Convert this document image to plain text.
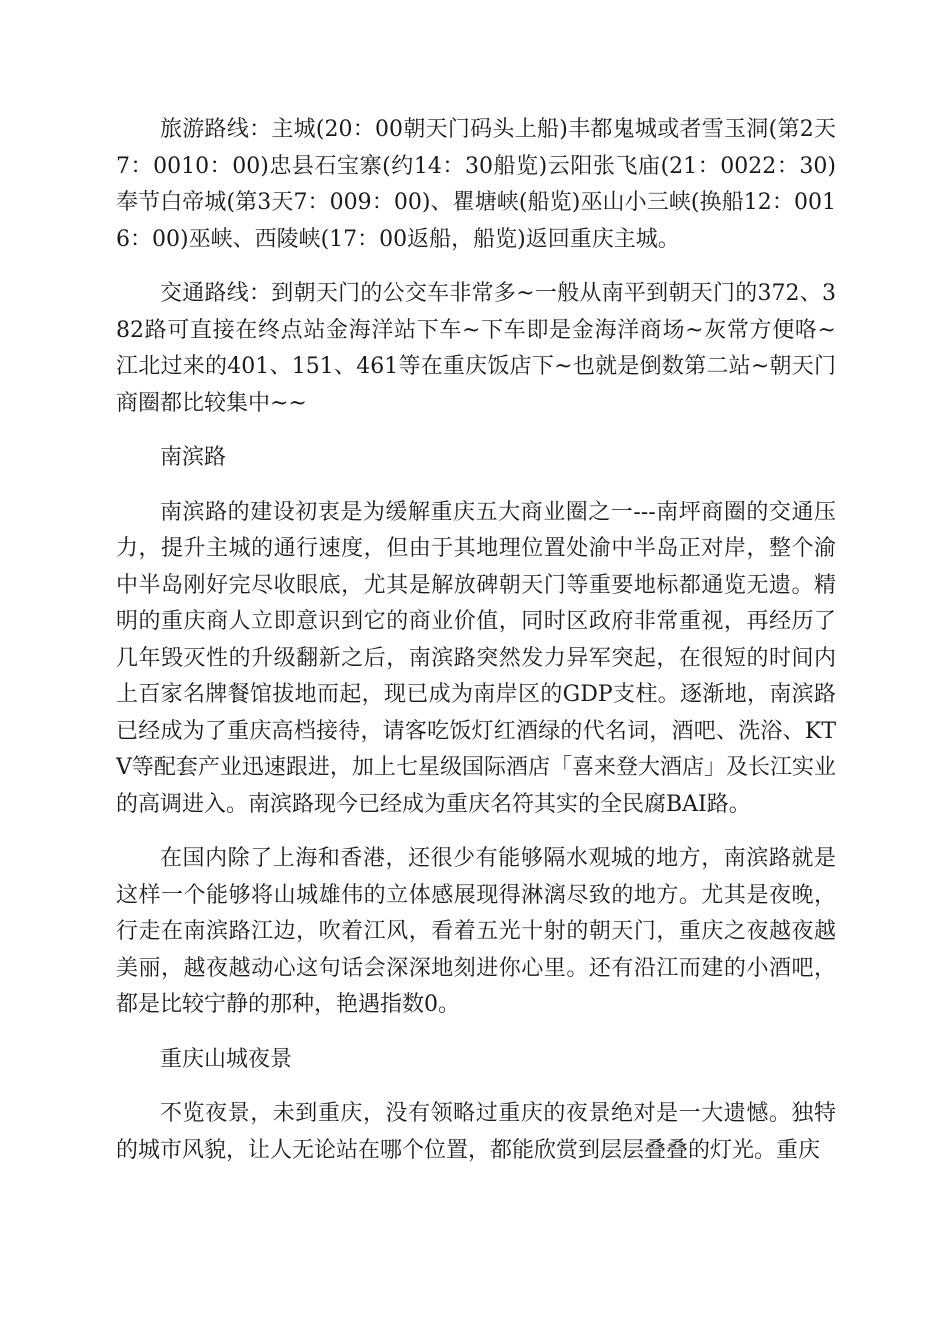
旅游路线：主城(20：00朝天门码头上船)丰都鬼城或者雪玉洞(第2天7：0010：00)忠县石宝寨(约14：30船览)云阳张飞庙(21：0022：30)奉节白帝城(第3天7：009：00)、瞿塘峡(船览)巫山小三峡(换船12：0016：00)巫峡、西陵峡(17：00返船，船览)返回重庆主城。

交通路线：到朝天门的公交车非常多~一般从南平到朝天门的372、382路可直接在终点站金海洋站下车~下车即是金海洋商场~灰常方便咯~江北过来的401、151、461等在重庆饭店下~也就是倒数第二站~朝天门商圈都比较集中~~

南滨路

南滨路的建设初衷是为缓解重庆五大商业圈之一---南坪商圈的交通压力，提升主城的通行速度，但由于其地理位置处渝中半岛正对岸，整个渝中半岛刚好完尽收眼底，尤其是解放碑朝天门等重要地标都通览无遗。精明的重庆商人立即意识到它的商业价值，同时区政府非常重视，再经历了几年毁灭性的升级翻新之后，南滨路突然发力异军突起，在很短的时间内上百家名牌餐馆拔地而起，现已成为南岸区的GDP支柱。逐渐地，南滨路已经成为了重庆高档接待，请客吃饭灯红酒绿的代名词，酒吧、洗浴、KTV等配套产业迅速跟进，加上七星级国际酒店「喜来登大酒店」及长江实业的高调进入。南滨路现今已经成为重庆名符其实的全民腐BAI路。

在国内除了上海和香港，还很少有能够隔水观城的地方，南滨路就是这样一个能够将山城雄伟的立体感展现得淋漓尽致的地方。尤其是夜晚，行走在南滨路江边，吹着江风，看着五光十射的朝天门，重庆之夜越夜越美丽，越夜越动心这句话会深深地刻进你心里。还有沿江而建的小酒吧，都是比较宁静的那种，艳遇指数0。

重庆山城夜景

不览夜景，未到重庆，没有领略过重庆的夜景绝对是一大遗憾。独特的城市风貌，让人无论站在哪个位置，都能欣赏到层层叠叠的灯光。重庆
